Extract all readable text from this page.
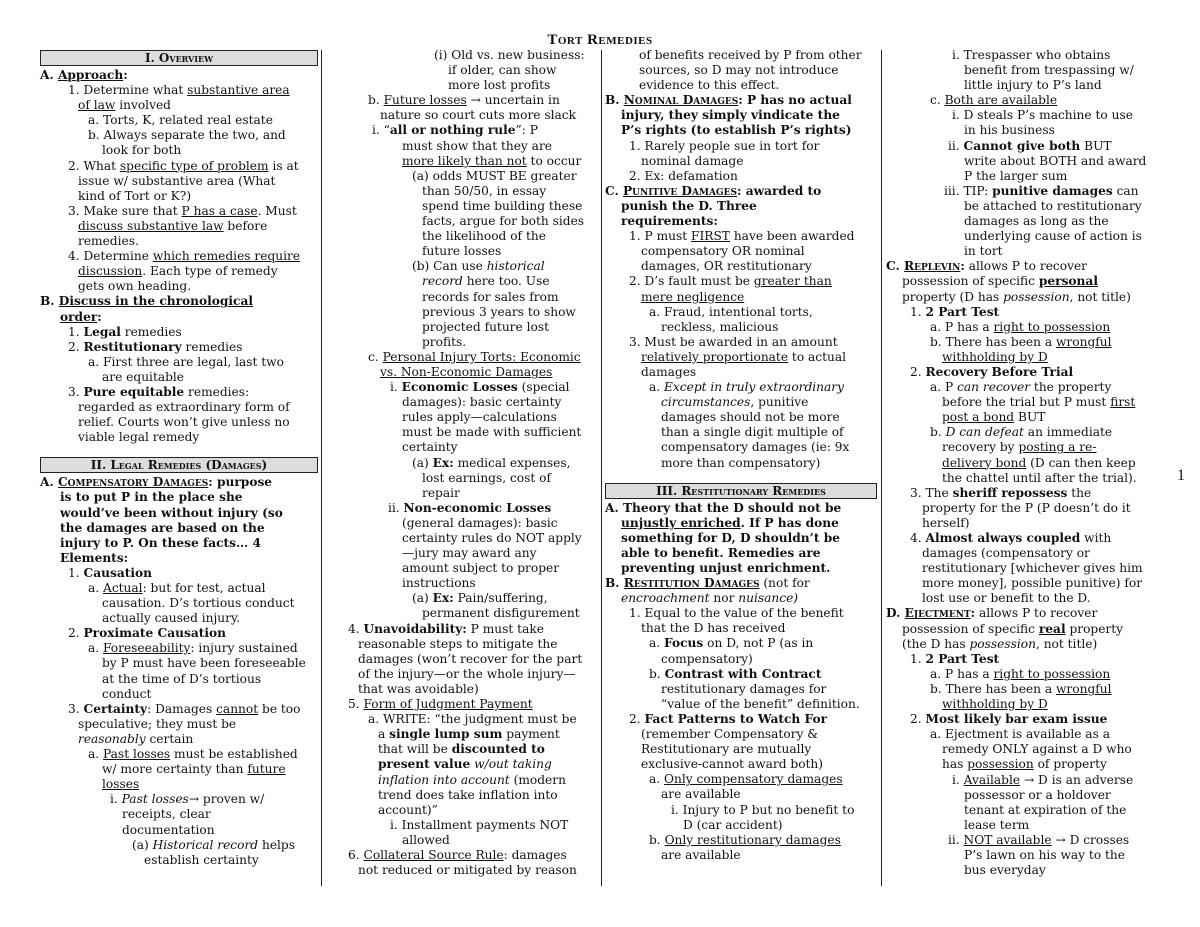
Tort Remedies
I. Overview
A. Approach:
1. Determine what substantive area
of law involved
a. Torts, K, related real estate
b. Always separate the two, and
look for both
2. What specific type of problem is at
issue w/ substantive area (What
kind of Tort or K?)
3. Make sure that P has a case. Must
discuss substantive law before
remedies.
4. Determine which remedies require
discussion. Each type of remedy
gets own heading.
B. Discuss in the chronological
order:
1. Legal remedies
2. Restitutionary remedies
a. First three are legal, last two
are equitable
3. Pure equitable remedies:
regarded as extraordinary form of
relief. Courts won’t give unless no
viable legal remedy
II. Legal Remedies (Damages)
A. Compensatory Damages: purpose
is to put P in the place she
would’ve been without injury (so
the damages are based on the
injury to P. On these facts… 4
Elements:
1. Causation
a. Actual: but for test, actual
causation. D’s tortious conduct
actually caused injury.
2. Proximate Causation
a. Foreseeability: injury sustained
by P must have been foreseeable
at the time of D’s tortious
conduct
3. Certainty: Damages cannot be too
speculative; they must be
reasonably certain
a. Past losses must be established
w/ more certainty than future
losses
i. Past losses→ proven w/
receipts, clear
documentation
(a) Historical record helps
establish certainty
(i) Old vs. new business:
if older, can show
more lost profits
b. Future losses → uncertain in
nature so court cuts more slack
i. “all or nothing rule”: P
must show that they are
more likely than not to occur
(a) odds MUST BE greater
than 50/50, in essay
spend time building these
facts, argue for both sides
the likelihood of the
future losses
(b) Can use historical
record here too. Use
records for sales from
previous 3 years to show
projected future lost
profits.
c. Personal Injury Torts: Economic
vs. Non-Economic Damages
i. Economic Losses (special
damages): basic certainty
rules apply—calculations
must be made with sufficient
certainty
(a) Ex: medical expenses,
lost earnings, cost of
repair
ii. Non-economic Losses
(general damages): basic
certainty rules do NOT apply
—jury may award any
amount subject to proper
instructions
(a) Ex: Pain/suffering,
permanent disfigurement
4. Unavoidability: P must take
reasonable steps to mitigate the
damages (won’t recover for the part
of the injury—or the whole injury—
that was avoidable)
5. Form of Judgment Payment
a. WRITE: “the judgment must be
a single lump sum payment
that will be discounted to
present value w/out taking
inflation into account (modern
trend does take inflation into
account)”
i. Installment payments NOT
allowed
6. Collateral Source Rule: damages
not reduced or mitigated by reason
of benefits received by P from other
sources, so D may not introduce
evidence to this effect.
B. Nominal Damages: P has no actual
injury, they simply vindicate the
P’s rights (to establish P’s rights)
1. Rarely people sue in tort for
nominal damage
2. Ex: defamation
C. Punitive Damages: awarded to
punish the D. Three
requirements:
1. P must FIRST have been awarded
compensatory OR nominal
damages, OR restitutionary
2. D’s fault must be greater than
mere negligence
a. Fraud, intentional torts,
reckless, malicious
3. Must be awarded in an amount
relatively proportionate to actual
damages
a. Except in truly extraordinary
circumstances, punitive
damages should not be more
than a single digit multiple of
compensatory damages (ie: 9x
more than compensatory)
III. Restitutionary Remedies
A. Theory that the D should not be
unjustly enriched. If P has done
something for D, D shouldn’t be
able to benefit. Remedies are
preventing unjust enrichment.
B. Restitution Damages (not for
encroachment nor nuisance)
1. Equal to the value of the benefit
that the D has received
a. Focus on D, not P (as in
compensatory)
b. Contrast with Contract
restitutionary damages for
“value of the benefit” definition.
2. Fact Patterns to Watch For
(remember Compensatory &
Restitutionary are mutually
exclusive-cannot award both)
a. Only compensatory damages
are available
i. Injury to P but no benefit to
D (car accident)
b. Only restitutionary damages
are available
i. Trespasser who obtains
benefit from trespassing w/
little injury to P’s land
c. Both are available
i. D steals P’s machine to use
in his business
ii. Cannot give both BUT
write about BOTH and award
P the larger sum
iii. TIP: punitive damages can
be attached to restitutionary
damages as long as the
underlying cause of action is
in tort
C. Replevin: allows P to recover
possession of specific personal
property (D has possession, not title)
1. 2 Part Test
a. P has a right to possession
b. There has been a wrongful
withholding by D
2. Recovery Before Trial
a. P can recover the property
before the trial but P must first
post a bond BUT
b. D can defeat an immediate
recovery by posting a re-
delivery bond (D can then keep
the chattel until after the trial).
3. The sheriff repossess the
property for the P (P doesn’t do it
herself)
4. Almost always coupled with
damages (compensatory or
restitutionary [whichever gives him
more money], possible punitive) for
lost use or benefit to the D.
D. Ejectment: allows P to recover
possession of specific real property
(the D has possession, not title)
1. 2 Part Test
a. P has a right to possession
b. There has been a wrongful
withholding by D
2. Most likely bar exam issue
a. Ejectment is available as a
remedy ONLY against a D who
has possession of property
i. Available → D is an adverse
possessor or a holdover
tenant at expiration of the
lease term
ii. NOT available → D crosses
P’s lawn on his way to the
bus everyday
1
